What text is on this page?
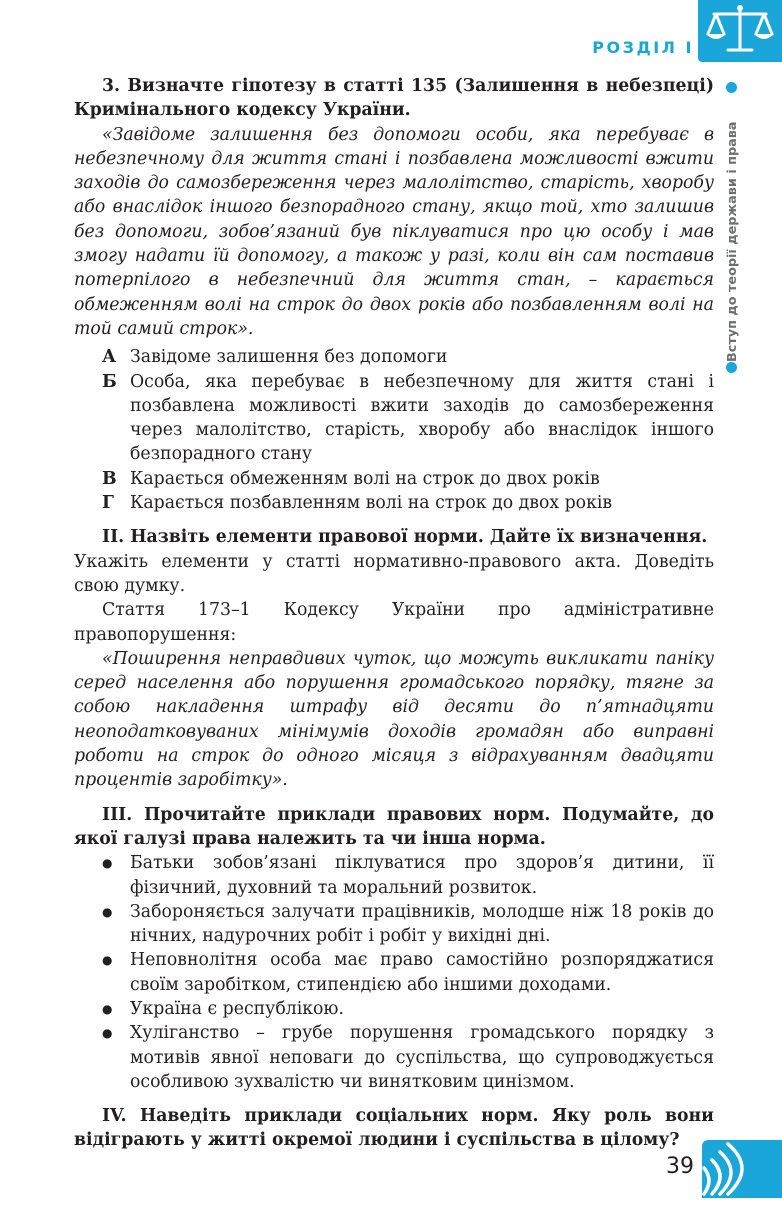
РОЗДІЛ І
Вступ до теорії держави і права

3. Визначте гіпотезу в статті 135 (Залишення в небезпеці) Кримінального кодексу України.

«Завідоме залишення без допомоги особи, яка перебуває в небезпечному для життя стані і позбавлена можливості вжити заходів до самозбереження через малолітство, старість, хворобу або внаслідок іншого безпорадного стану, якщо той, хто залишив без допомоги, зобов’язаний був піклуватися про цю особу і мав змогу надати їй допомогу, а також у разі, коли він сам поставив потерпілого в небезпечний для життя стан, – карається обмеженням волі на строк до двох років або позбавленням волі на той самий строк».

А Завідоме залишення без допомоги
Б Особа, яка перебуває в небезпечному для життя стані і позбавлена можливості вжити заходів до самозбереження через малолітство, старість, хворобу або внаслідок іншого безпорадного стану
В Карається обмеженням волі на строк до двох років
Г Карається позбавленням волі на строк до двох років

ІІ. Назвіть елементи правової норми. Дайте їх визначення.

Укажіть елементи у статті нормативно-правового акта. Доведіть свою думку.

Стаття 173–1 Кодексу України про адміністративне правопорушення:

«Поширення неправдивих чуток, що можуть викликати паніку серед населення або порушення громадського порядку, тягне за собою накладення штрафу від десяти до п’ятнадцяти неоподатковуваних мінімумів доходів громадян або виправні роботи на строк до одного місяця з відрахуванням двадцяти процентів заробітку».

ІІІ. Прочитайте приклади правових норм. Подумайте, до якої галузі права належить та чи інша норма.

●	Батьки зобов’язані піклуватися про здоров’я дитини, її фізичний, духовний та моральний розвиток.
●	Забороняється залучати працівників, молодше ніж 18 років до нічних, надурочних робіт і робіт у вихідні дні.
●	Неповнолітня особа має право самостійно розпоряджатися своїм заробітком, стипендією або іншими доходами.
●	Україна є республікою.
●	Хуліганство – грубе порушення громадського порядку з мотивів явної неповаги до суспільства, що супроводжується особливою зухвалістю чи винятковим цинізмом.

ІV. Наведіть приклади соціальних норм. Яку роль вони відіграють у житті окремої людини і суспільства в цілому?

39
